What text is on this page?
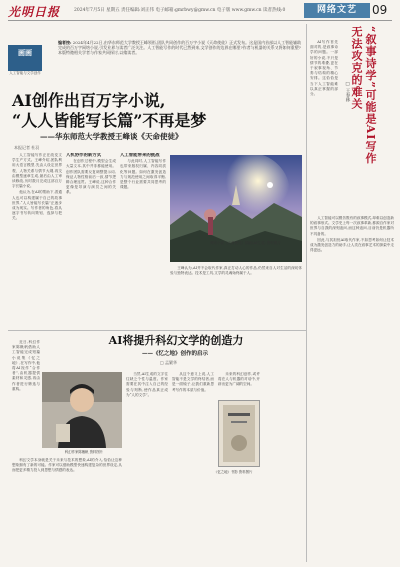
光明日报	2024年7月5日 星期五 责任编辑:刘正伟 电子邮箱:gmrbwy@gmw.cn 电子版 www.gmw.cn 读者热线:0	网络文艺	09
画画
人工智能与文学创作
编者按: 2024年4月22日,由华东师范大学教授王峰领衔,团队共同创作的百万字小说《天命使徒》正式发布。这是国内首部以人工智能辅助完成的百万字网络小说,引发业界与读者广泛关注。人工智能写作的时代已然到来,文学创作的边界在哪里?作者与机器的关系又将如何重塑?本版特邀相关学者与作家共同探讨,以飨读者。
AI创作出百万字小说,
“人人皆能写长篇”不再是梦
——华东师范大学教授王峰谈《天命使徒》
本报记者 杜羽

人工智能写作正在改变文学生产方式。王峰介绍,团队利用大语言模型,先由人设定世界观、人物关系与情节大纲,再交由模型逐章生成,最后由人工审读修改,历时数月完成这部百万字长篇小说。

他认为,在AI的帮助下,普通人也可以构建属于自己的故事世界,“人人皆能写长篇”正逐步成为现实。写作者的角色,将从逐字书写转向策划、选择与把关。

人机协作的新方式

在创作过程中,模型会生成大量文本,其中并非都能使用。创作团队需要反复调整提示词,保证人物性格前后一致,情节逻辑合理连贯。王峰说,这种合作更像是导演与演员之间的关系。

人工智能带来的挑战

与此同时,人工智能写作也带来版权归属、内容同质化等问题。如何在激发创造力与规范使用之间取得平衡,是整个行业需要共同思考的课题。

王峰认为,AI并不会取代作家,真正打动人心的作品,仍然来自人对生活的深切体验与独特表达。技术是工具,文学的灵魂始终属于人。

网络小说《天命使徒》插画(AI生成) 资料图片
“叙事诗学”可能是AI写作
无法攻克的难关
□ 王春林

AI写作首先面对的,是叙事诗学的问题。一部好的小说,不只是情节的堆叠,更在于叙事视角、节奏与结构的精心安排。这恰恰是当下人工智能难以真正掌握的部分。

人工智能可以模仿既有的叙事模式,却难以创造新的叙事形式。文学史上每一次叙事革新,都源自作家对世界与自我的深刻追问,而这种追问,目前仍是机器所不具备的。

因此,与其担忧AI取代作家,不如思考如何让技术成为激发创造力的助手,让人类在叙事艺术的探索中走得更远。

AI将提升科幻文学的创造力
——《忆之地》创作的启示
□ 孟繁华

近日,科幻作家陈楸帆借助人工智能完成短篇小说集《忆之地》,在写作中,他将AI视作“合作者”,由机器提供素材和灵感,再由作者进行筛选与重构。

科幻作家陈楸帆 资料图片

科幻文学本身就是关于未来与技术的想象,AI的介入,恰恰让这种想象拥有了新的可能。作家可以借助模型快速构建复杂的世界设定,从而把更多精力投入到思想与情感的表达。

当然,AI生成的文字往往缺乏个性与温度。作家需要在其中注入自己的经验与判断,使作品真正成为“人的文学”。

从这个意义上说,人工智能不是文学的终结者,而是一面镜子,让我们重新思考写作的本质与价值。

未来的科幻创作,或许将在人与机器的对话中,开辟出更为广阔的空间。

《忆之地》书影 资料图片
